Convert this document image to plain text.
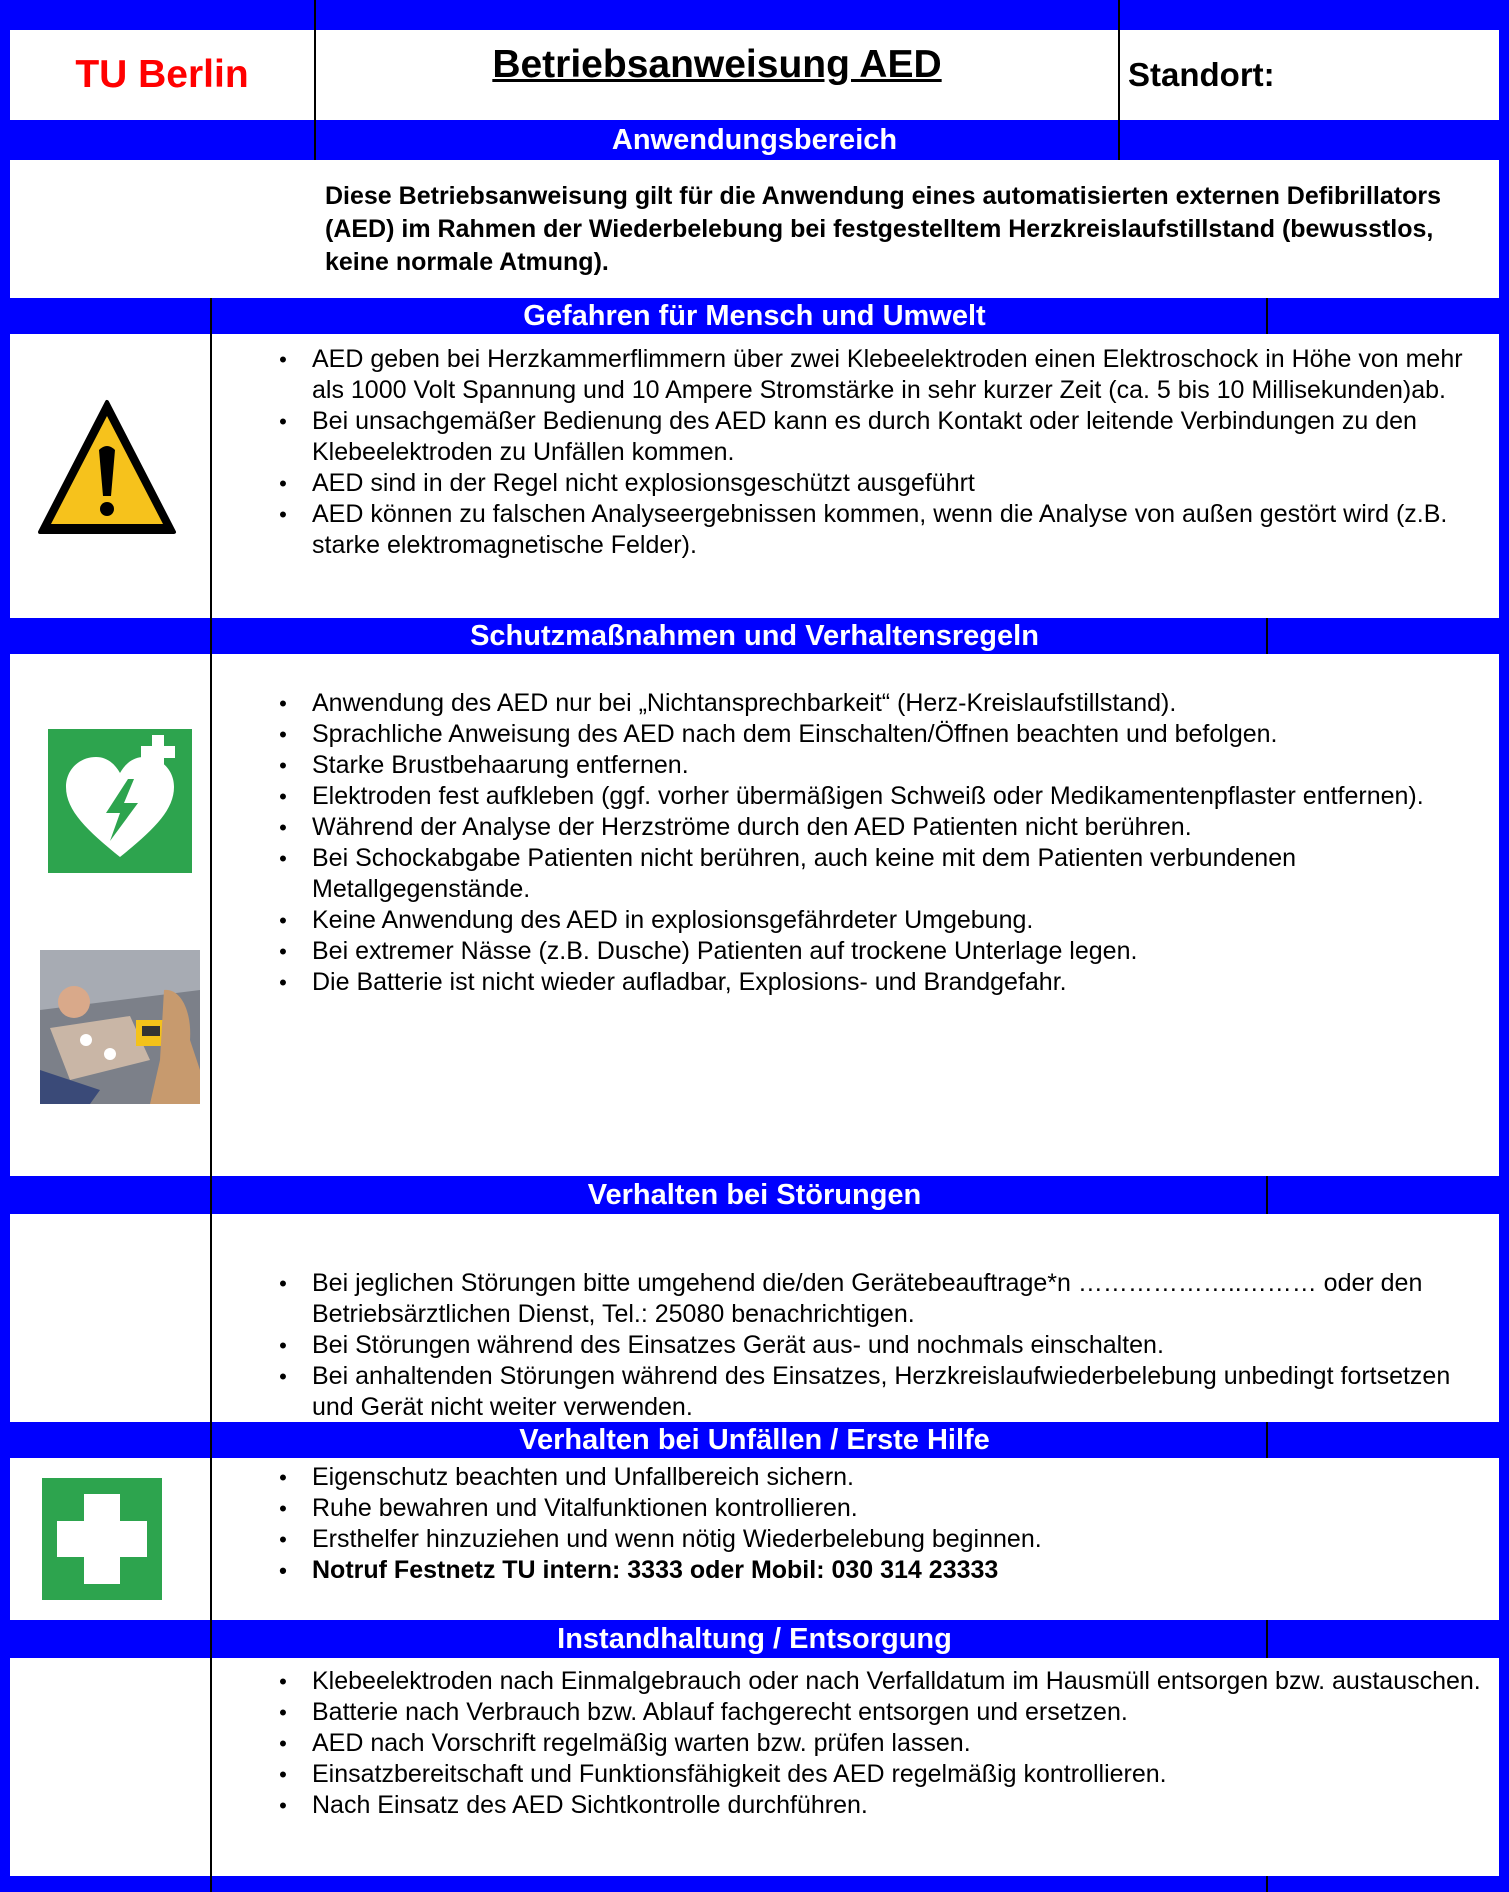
TU Berlin	Betriebsanweisung AED	Standort:
Anwendungsbereich
Diese Betriebsanweisung gilt für die Anwendung eines automatisierten externen Defibrillators (AED) im Rahmen der Wiederbelebung bei festgestelltem Herzkreislaufstillstand (bewusstlos, keine normale Atmung).
Gefahren für Mensch und Umwelt
• AED geben bei Herzkammerflimmern über zwei Klebeelektroden einen Elektroschock in Höhe von mehr als 1000 Volt Spannung und 10 Ampere Stromstärke in sehr kurzer Zeit (ca. 5 bis 10 Millisekunden)ab.
• Bei unsachgemäßer Bedienung des AED kann es durch Kontakt oder leitende Verbindungen zu den Klebeelektroden zu Unfällen kommen.
• AED sind in der Regel nicht explosionsgeschützt ausgeführt
• AED können zu falschen Analyseergebnissen kommen, wenn die Analyse von außen gestört wird (z.B. starke elektromagnetische Felder).
Schutzmaßnahmen und Verhaltensregeln
• Anwendung des AED nur bei „Nichtansprechbarkeit“ (Herz-Kreislaufstillstand).
• Sprachliche Anweisung des AED nach dem Einschalten/Öffnen beachten und befolgen.
• Starke Brustbehaarung entfernen.
• Elektroden fest aufkleben (ggf. vorher übermäßigen Schweiß oder Medikamentenpflaster entfernen).
• Während der Analyse der Herzströme durch den AED Patienten nicht berühren.
• Bei Schockabgabe Patienten nicht berühren, auch keine mit dem Patienten verbundenen Metallgegenstände.
• Keine Anwendung des AED in explosionsgefährdeter Umgebung.
• Bei extremer Nässe (z.B. Dusche) Patienten auf trockene Unterlage legen.
• Die Batterie ist nicht wieder aufladbar, Explosions- und Brandgefahr.
Verhalten bei Störungen
• Bei jeglichen Störungen bitte umgehend die/den Gerätebeauftrage*n ………………..……… oder den Betriebsärztlichen Dienst, Tel.: 25080 benachrichtigen.
• Bei Störungen während des Einsatzes Gerät aus- und nochmals einschalten.
• Bei anhaltenden Störungen während des Einsatzes, Herzkreislaufwiederbelebung unbedingt fortsetzen und Gerät nicht weiter verwenden.
Verhalten bei Unfällen / Erste Hilfe
• Eigenschutz beachten und Unfallbereich sichern.
• Ruhe bewahren und Vitalfunktionen kontrollieren.
• Ersthelfer hinzuziehen und wenn nötig Wiederbelebung beginnen.
• Notruf Festnetz TU intern: 3333 oder Mobil: 030 314 23333
Instandhaltung / Entsorgung
• Klebeelektroden nach Einmalgebrauch oder nach Verfalldatum im Hausmüll entsorgen bzw. austauschen.
• Batterie nach Verbrauch bzw. Ablauf fachgerecht entsorgen und ersetzen.
• AED nach Vorschrift regelmäßig warten bzw. prüfen lassen.
• Einsatzbereitschaft und Funktionsfähigkeit des AED regelmäßig kontrollieren.
• Nach Einsatz des AED Sichtkontrolle durchführen.
